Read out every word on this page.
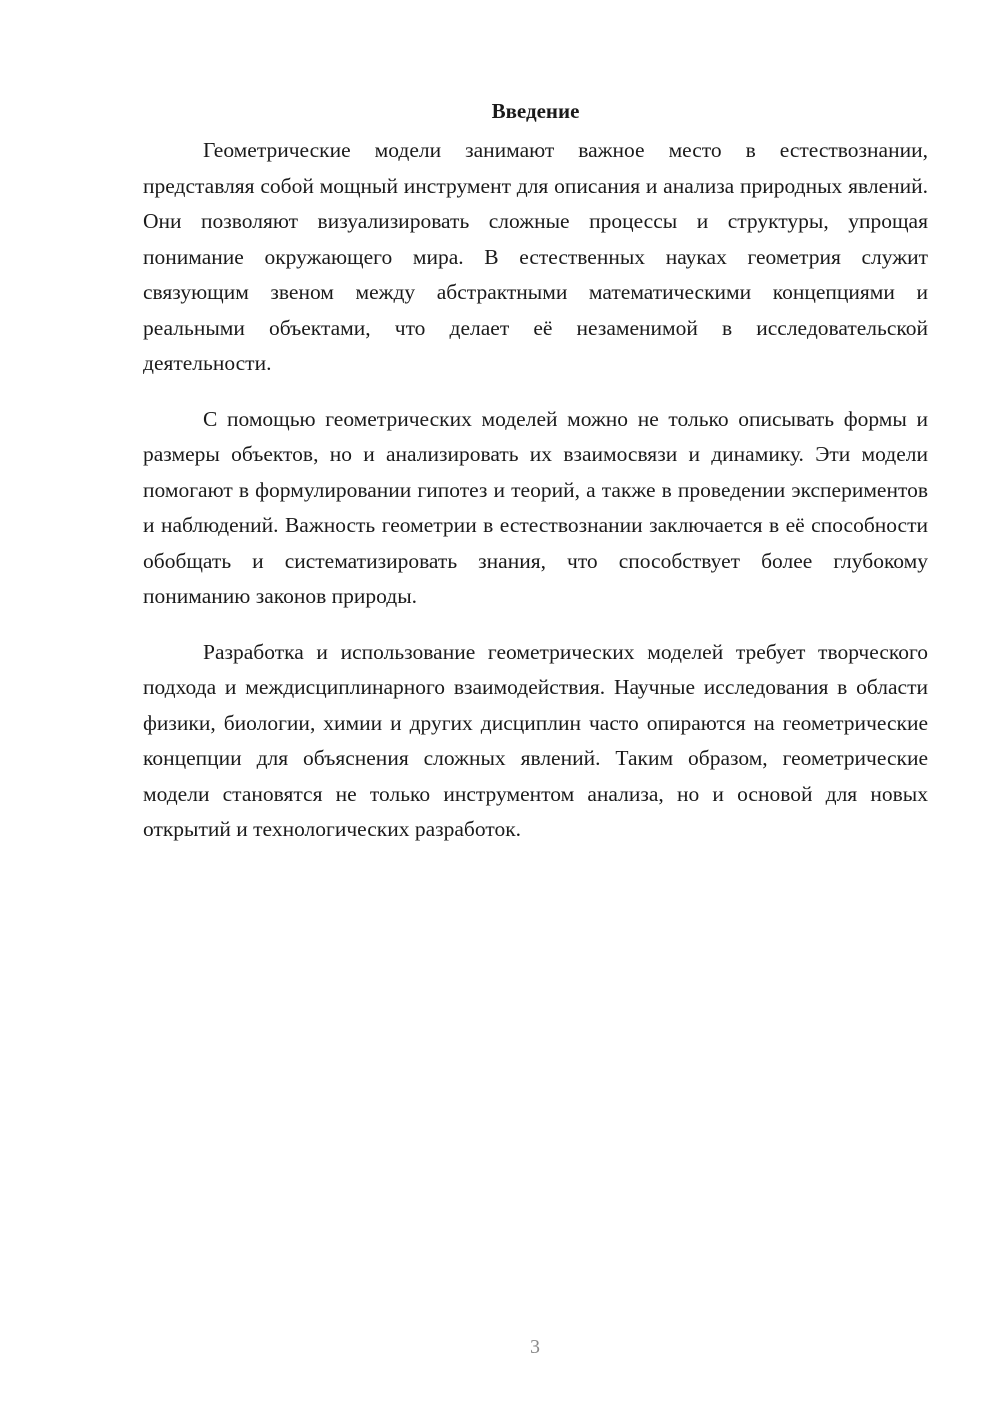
Введение

Геометрические модели занимают важное место в естествознании, представляя собой мощный инструмент для описания и анализа природных явлений. Они позволяют визуализировать сложные процессы и структуры, упрощая понимание окружающего мира. В естественных науках геометрия служит связующим звеном между абстрактными математическими концепциями и реальными объектами, что делает её незаменимой в исследовательской деятельности.

С помощью геометрических моделей можно не только описывать формы и размеры объектов, но и анализировать их взаимосвязи и динамику. Эти модели помогают в формулировании гипотез и теорий, а также в проведении экспериментов и наблюдений. Важность геометрии в естествознании заключается в её способности обобщать и систематизировать знания, что способствует более глубокому пониманию законов природы.

Разработка и использование геометрических моделей требует творческого подхода и междисциплинарного взаимодействия. Научные исследования в области физики, биологии, химии и других дисциплин часто опираются на геометрические концепции для объяснения сложных явлений. Таким образом, геометрические модели становятся не только инструментом анализа, но и основой для новых открытий и технологических разработок.

3
